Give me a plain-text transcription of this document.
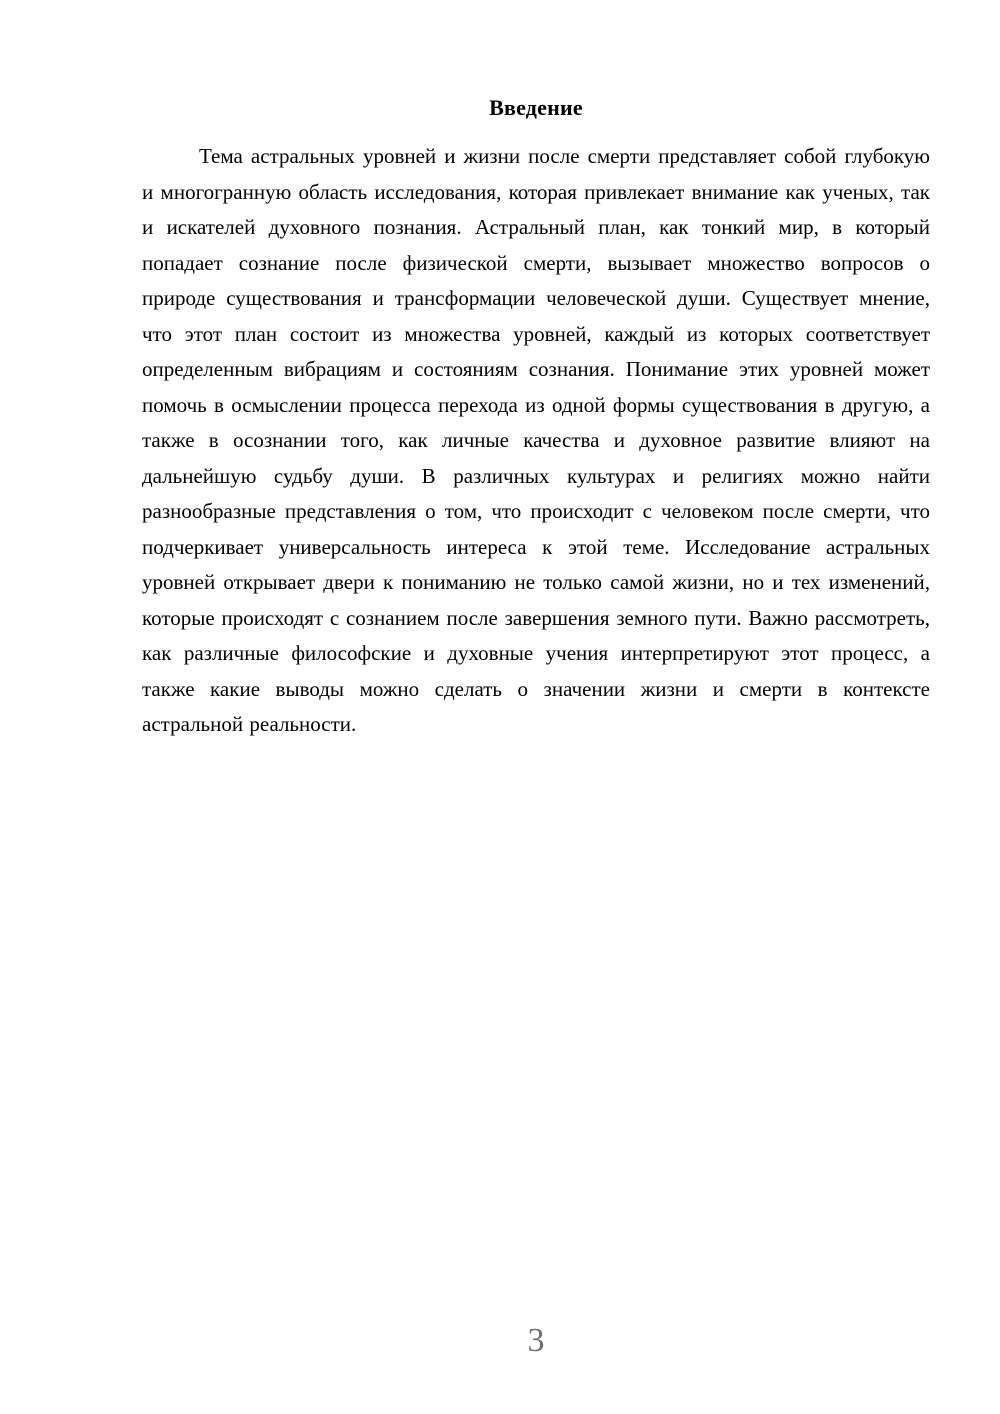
Введение

Тема астральных уровней и жизни после смерти представляет собой глубокую и многогранную область исследования, которая привлекает внимание как ученых, так и искателей духовного познания. Астральный план, как тонкий мир, в который попадает сознание после физической смерти, вызывает множество вопросов о природе существования и трансформации человеческой души. Существует мнение, что этот план состоит из множества уровней, каждый из которых соответствует определенным вибрациям и состояниям сознания. Понимание этих уровней может помочь в осмыслении процесса перехода из одной формы существования в другую, а также в осознании того, как личные качества и духовное развитие влияют на дальнейшую судьбу души. В различных культурах и религиях можно найти разнообразные представления о том, что происходит с человеком после смерти, что подчеркивает универсальность интереса к этой теме. Исследование астральных уровней открывает двери к пониманию не только самой жизни, но и тех изменений, которые происходят с сознанием после завершения земного пути. Важно рассмотреть, как различные философские и духовные учения интерпретируют этот процесс, а также какие выводы можно сделать о значении жизни и смерти в контексте астральной реальности.

3
